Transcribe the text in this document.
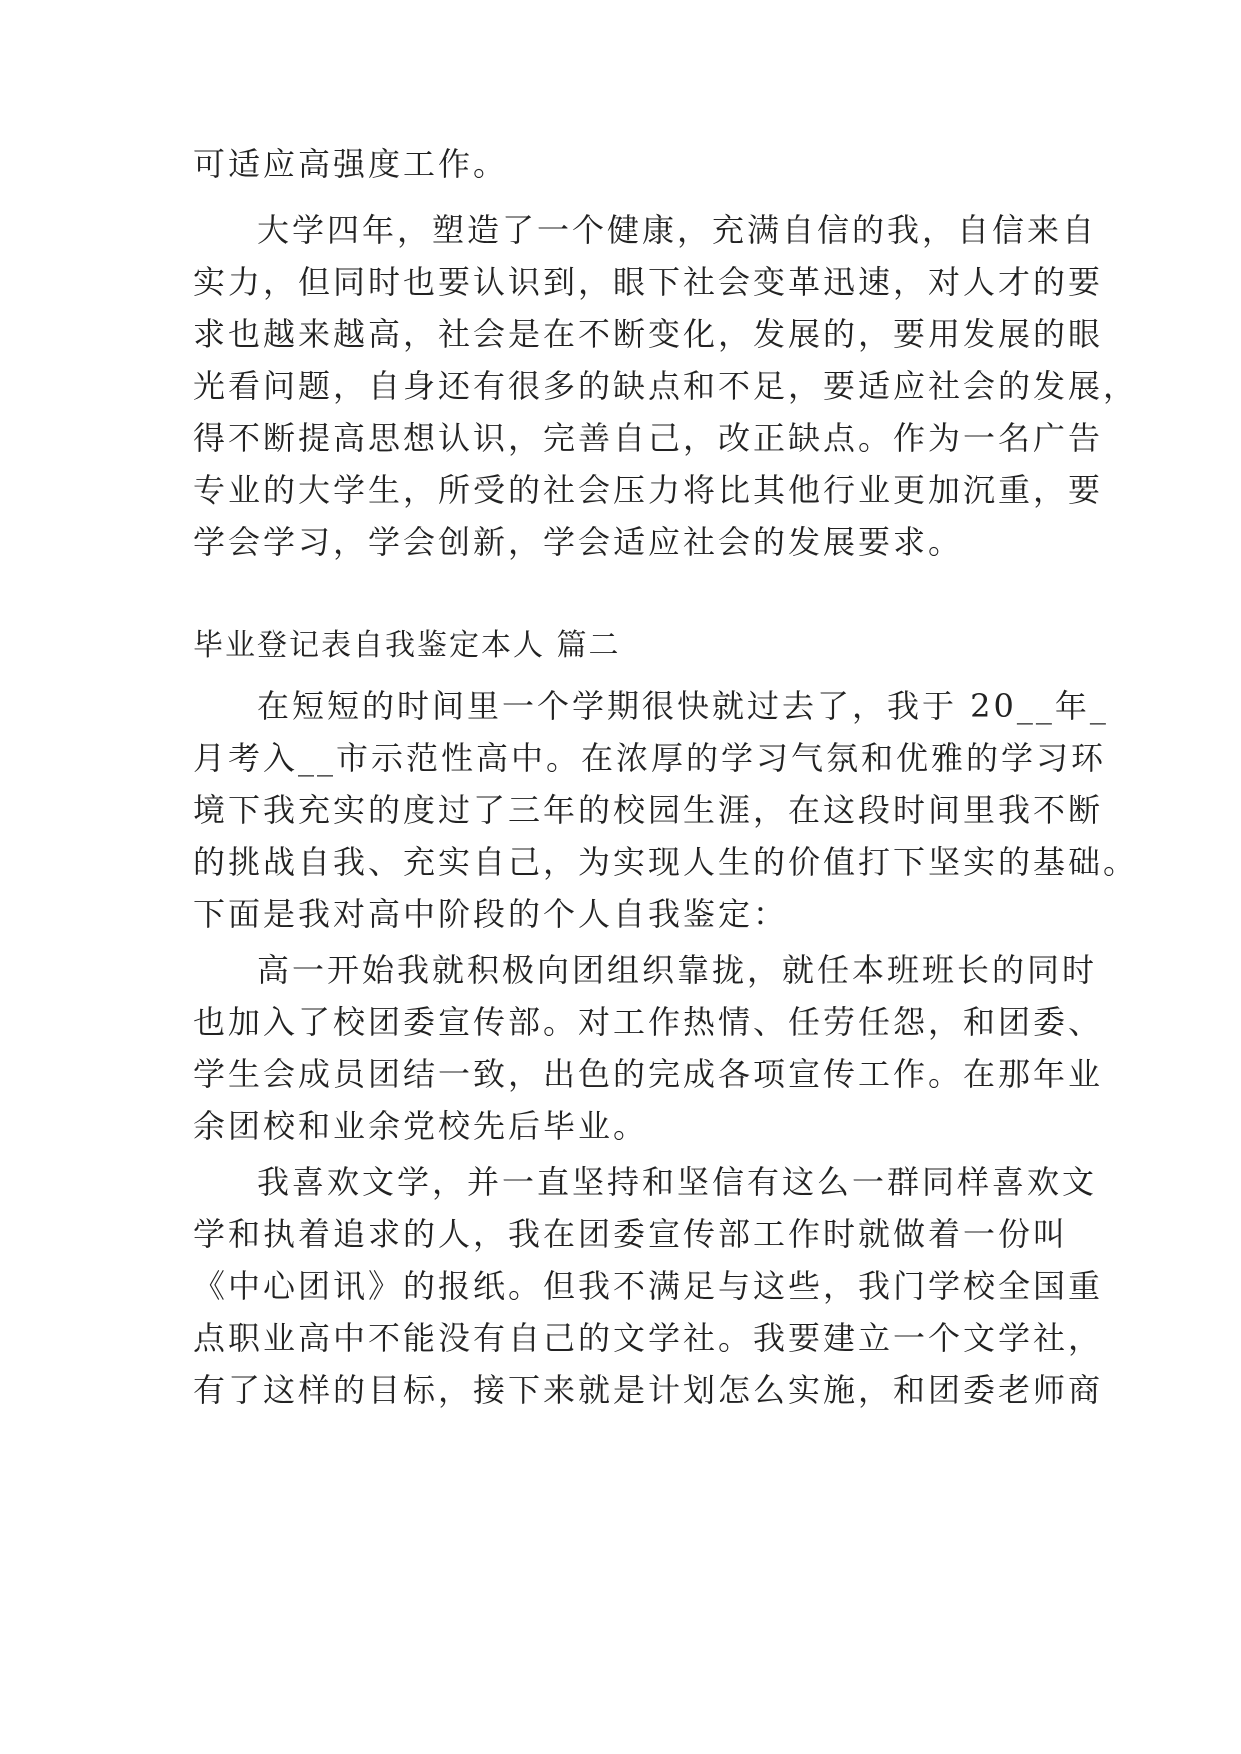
可适应高强度工作。
大学四年，塑造了一个健康，充满自信的我，自信来自
实力，但同时也要认识到，眼下社会变革迅速，对人才的要
求也越来越高，社会是在不断变化，发展的，要用发展的眼
光看问题，自身还有很多的缺点和不足，要适应社会的发展，
得不断提高思想认识，完善自己，改正缺点。作为一名广告
专业的大学生，所受的社会压力将比其他行业更加沉重，要
学会学习，学会创新，学会适应社会的发展要求。
毕业登记表自我鉴定本人 篇二
在短短的时间里一个学期很快就过去了，我于 20__年_
月考入__市示范性高中。在浓厚的学习气氛和优雅的学习环
境下我充实的度过了三年的校园生涯，在这段时间里我不断
的挑战自我、充实自己，为实现人生的价值打下坚实的基础。
下面是我对高中阶段的个人自我鉴定：
高一开始我就积极向团组织靠拢，就任本班班长的同时
也加入了校团委宣传部。对工作热情、任劳任怨，和团委、
学生会成员团结一致，出色的完成各项宣传工作。在那年业
余团校和业余党校先后毕业。
我喜欢文学，并一直坚持和坚信有这么一群同样喜欢文
学和执着追求的人，我在团委宣传部工作时就做着一份叫
《中心团讯》的报纸。但我不满足与这些，我门学校全国重
点职业高中不能没有自己的文学社。我要建立一个文学社，
有了这样的目标，接下来就是计划怎么实施，和团委老师商
